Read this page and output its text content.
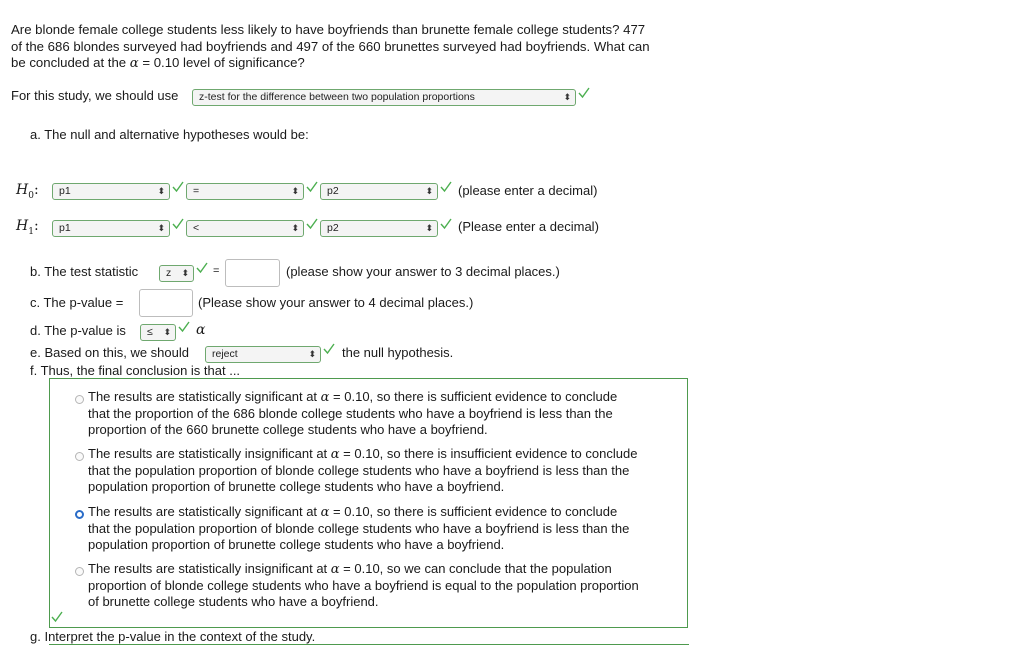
Are blonde female college students less likely to have boyfriends than brunette female college students? 477
of the 686 blondes surveyed had boyfriends and 497 of the 660 brunettes surveyed had boyfriends. What can
be concluded at the α = 0.10 level of significance?
For this study, we should use	z-test for the difference between two population proportions	⬍
a. The null and alternative hypotheses would be:
$H_0$:	p1	⬍	=	⬍	p2	⬍ (please enter a decimal)
$H_1$:	p1	⬍	<	⬍	p2	⬍ (Please enter a decimal)
b. The test statistic	z ⬍ =	(please show your answer to 3 decimal places.)
c. The p-value =	(Please show your answer to 4 decimal places.)
d. The p-value is	≤ ⬍ α
e. Based on this, we should	reject	⬍ the null hypothesis.
f. Thus, the final conclusion is that ...
The results are statistically significant at α = 0.10, so there is sufficient evidence to conclude
that the proportion of the 686 blonde college students who have a boyfriend is less than the
proportion of the 660 brunette college students who have a boyfriend.
The results are statistically insignificant at α = 0.10, so there is insufficient evidence to conclude
that the population proportion of blonde college students who have a boyfriend is less than the
population proportion of brunette college students who have a boyfriend.
The results are statistically significant at α = 0.10, so there is sufficient evidence to conclude
that the population proportion of blonde college students who have a boyfriend is less than the
population proportion of brunette college students who have a boyfriend.
The results are statistically insignificant at α = 0.10, so we can conclude that the population
proportion of blonde college students who have a boyfriend is equal to the population proportion
of brunette college students who have a boyfriend.
g. Interpret the p-value in the context of the study.
